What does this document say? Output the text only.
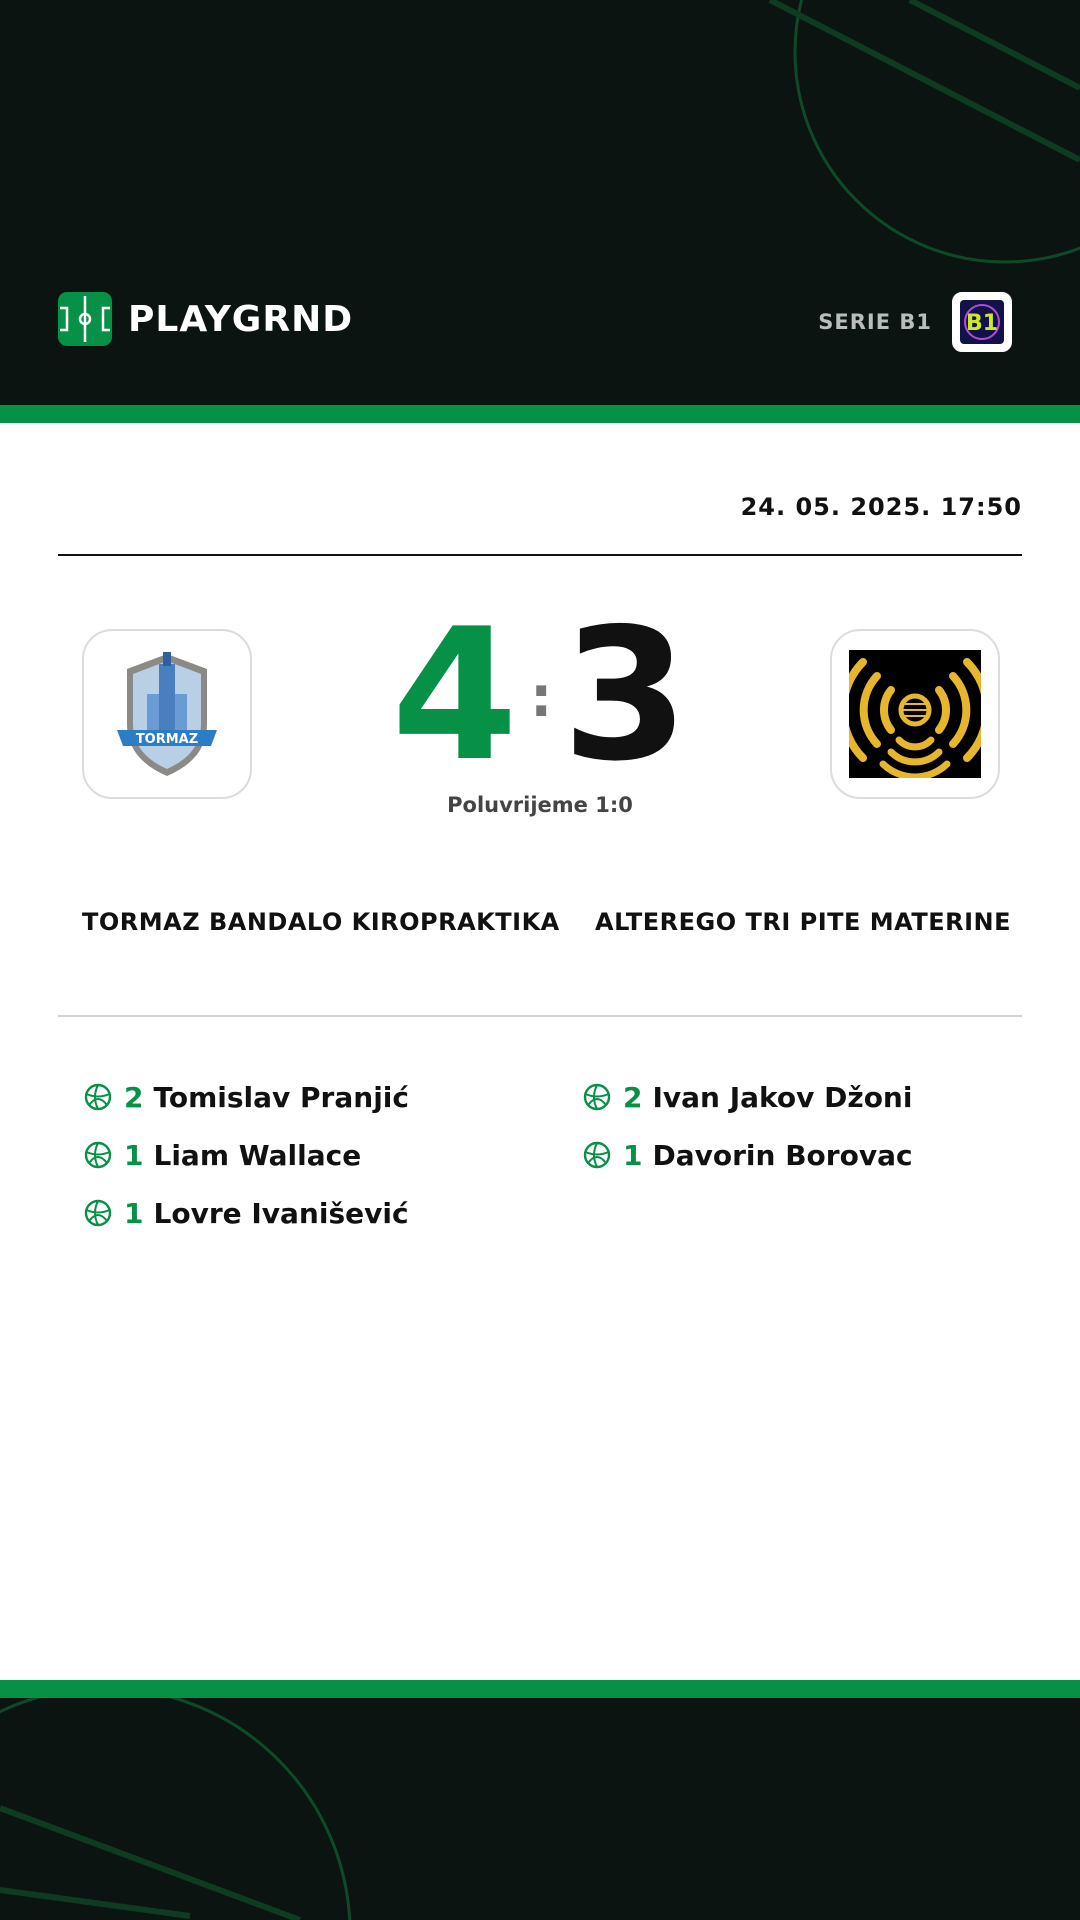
PLAYGRND	SERIE B1 B1
24. 05. 2025. 17:50
TORMAZ 4 : 3
Poluvrijeme 1:0
TORMAZ BANDALO KIROPRAKTIKA ALTEREGO TRI PITE MATERINE
2 Tomislav Pranjić
1 Liam Wallace
1 Lovre Ivanišević
2 Ivan Jakov Džoni
1 Davorin Borovac
